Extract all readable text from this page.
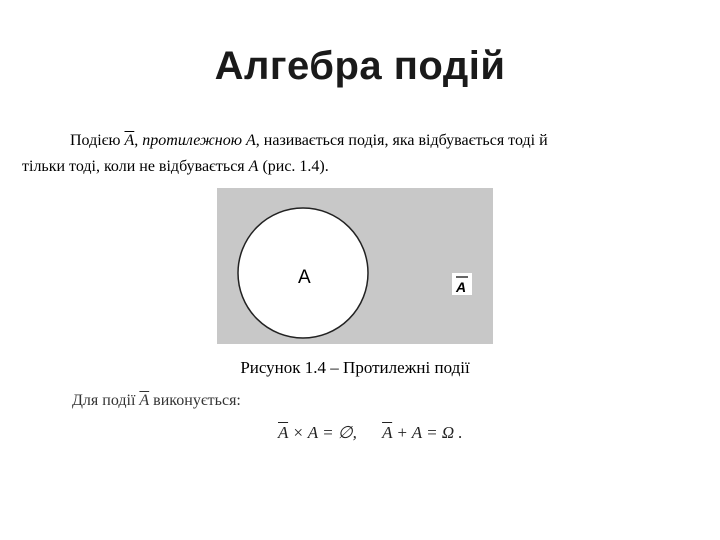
Алгебра подій
Подією $\overline{A}$, протилежною A, називається подія, яка відбувається тоді й
тільки тоді, коли не відбувається A (рис. 1.4).
A	A
Рисунок 1.4 – Протилежні події
Для події $\overline{A}$ виконується:
$\overline{A} \times A$ = ∅, $\overline{A} + A = \Omega$ .
